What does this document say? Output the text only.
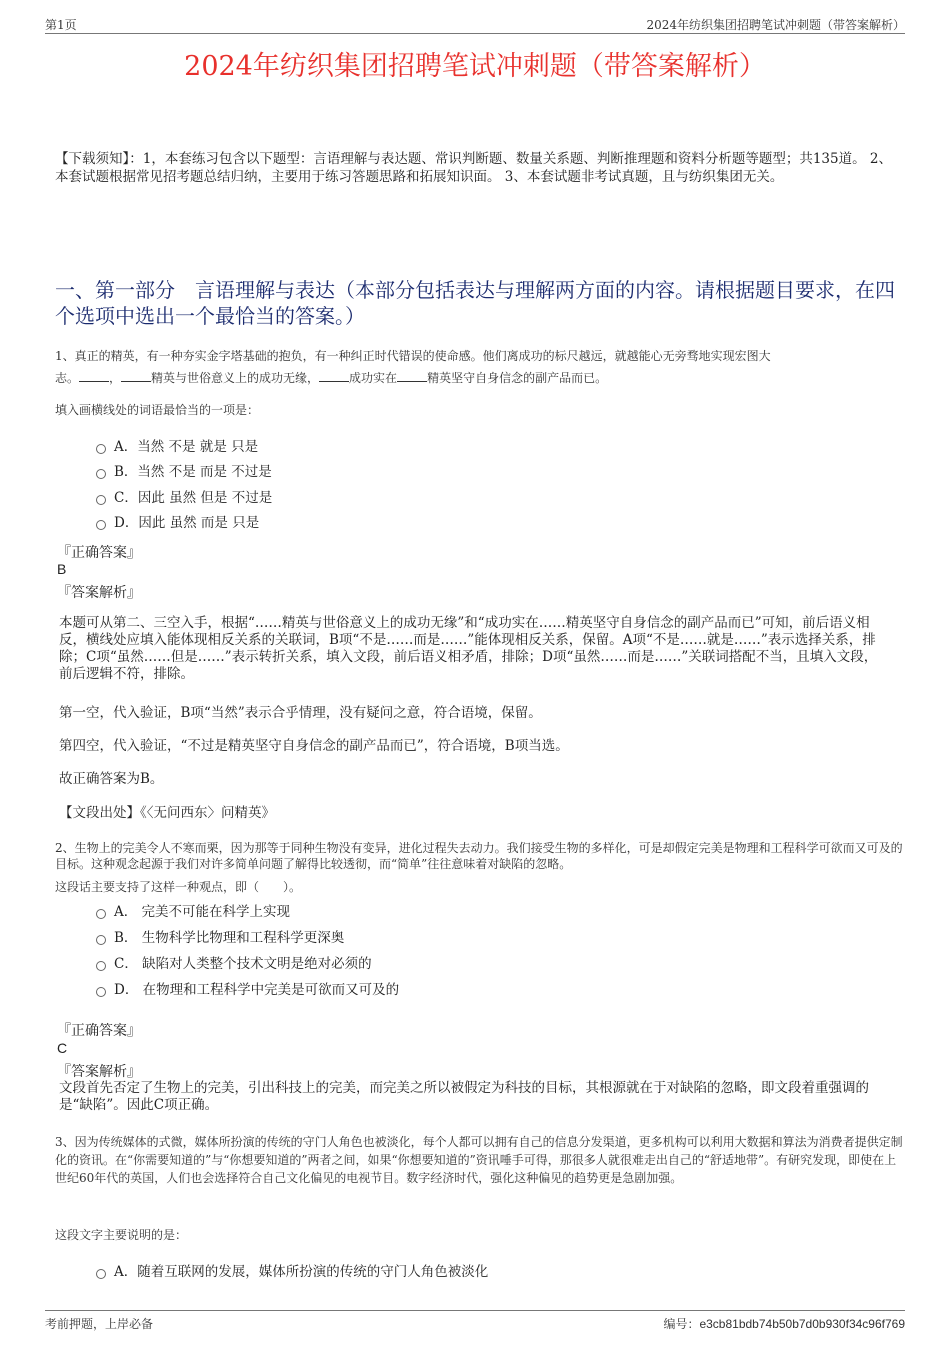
第1页	2024年纺织集团招聘笔试冲刺题（带答案解析）
2024年纺织集团招聘笔试冲刺题（带答案解析）
【下载须知】：1，本套练习包含以下题型：言语理解与表达题、常识判断题、数量关系题、判断推理题和资料分析题等题型；共135道。 2、本套试题根据常见招考题总结归纳，主要用于练习答题思路和拓展知识面。 3、本套试题非考试真题，且与纺织集团无关。
一、第一部分　言语理解与表达（本部分包括表达与理解两方面的内容。请根据题目要求，在四个选项中选出一个最恰当的答案。）
1、真正的精英，有一种夯实金字塔基础的抱负，有一种纠正时代错误的使命感。他们离成功的标尺越远，就越能心无旁骛地实现宏图大
志。	，	精英与世俗意义上的成功无缘，	成功实在	精英坚守自身信念的副产品而已。
填入画横线处的词语最恰当的一项是：
A．当然 不是 就是 只是
B．当然 不是 而是 不过是
C．因此 虽然 但是 不过是
D．因此 虽然 而是 只是
『正确答案』
B
『答案解析』
本题可从第二、三空入手，根据“……精英与世俗意义上的成功无缘”和“成功实在……精英坚守自身信念的副产品而已”可知，前后语义相反，横线处应填入能体现相反关系的关联词，B项“不是……而是……”能体现相反关系，保留。A项“不是……就是……”表示选择关系，排除；C项“虽然……但是……”表示转折关系，填入文段，前后语义相矛盾，排除；D项“虽然……而是……”关联词搭配不当，且填入文段，前后逻辑不符，排除。
第一空，代入验证，B项“当然”表示合乎情理，没有疑问之意，符合语境，保留。
第四空，代入验证，“不过是精英坚守自身信念的副产品而已”，符合语境，B项当选。
故正确答案为B。
【文段出处】《〈无问西东〉问精英》
2、生物上的完美令人不寒而栗，因为那等于同种生物没有变异，进化过程失去动力。我们接受生物的多样化，可是却假定完美是物理和工程科学可欲而又可及的目标。这种观念起源于我们对许多简单问题了解得比较透彻，而“简单”往往意味着对缺陷的忽略。
这段话主要支持了这样一种观点，即（　　）。
A． 完美不可能在科学上实现
B． 生物科学比物理和工程科学更深奥
C． 缺陷对人类整个技术文明是绝对必须的
D． 在物理和工程科学中完美是可欲而又可及的
『正确答案』
C
『答案解析』
文段首先否定了生物上的完美，引出科技上的完美，而完美之所以被假定为科技的目标，其根源就在于对缺陷的忽略，即文段着重强调的是“缺陷”。因此C项正确。
3、因为传统媒体的式微，媒体所扮演的传统的守门人角色也被淡化，每个人都可以拥有自己的信息分发渠道，更多机构可以利用大数据和算法为消费者提供定制化的资讯。在“你需要知道的”与“你想要知道的”两者之间，如果“你想要知道的”资讯唾手可得，那很多人就很难走出自己的“舒适地带”。有研究发现，即使在上世纪60年代的英国，人们也会选择符合自己文化偏见的电视节目。数字经济时代，强化这种偏见的趋势更是急剧加强。
这段文字主要说明的是：
A．随着互联网的发展，媒体所扮演的传统的守门人角色被淡化
考前押题，上岸必备	编号：e3cb81bdb74b50b7d0b930f34c96f769
